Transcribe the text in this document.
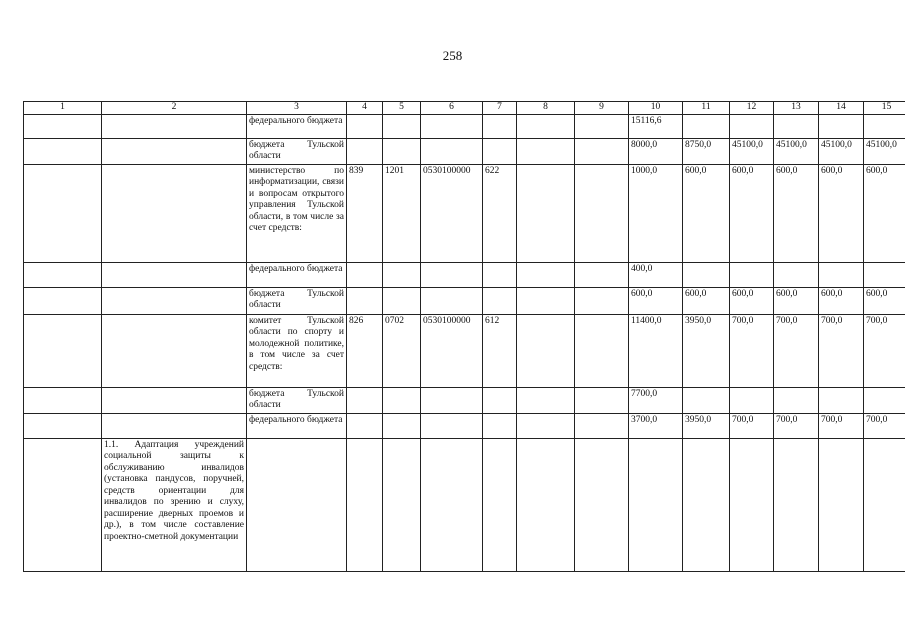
258
1	2	3	4	5	6	7	8	9	10	11	12	13	14	15
		федерального бюджета							15116,6					
		бюджета Тульской области							8000,0	8750,0	45100,0	45100,0	45100,0	45100,0
		министерство по информатизации, связи и вопросам открытого управления Тульской области, в том числе за счет средств:	839	1201	0530100000	622			1000,0	600,0	600,0	600,0	600,0	600,0
		федерального бюджета							400,0					
		бюджета Тульской области							600,0	600,0	600,0	600,0	600,0	600,0
		комитет Тульской области по спорту и молодежной политике, в том числе за счет средств:	826	0702	0530100000	612			11400,0	3950,0	700,0	700,0	700,0	700,0
		бюджета Тульской области							7700,0					
		федерального бюджета							3700,0	3950,0	700,0	700,0	700,0	700,0
	1.1. Адаптация учреждений социальной защиты к обслуживанию инвалидов (установка пандусов, поручней, средств ориентации для инвалидов по зрению и слуху, расширение дверных проемов и др.), в том числе составление проектно-сметной документации													
